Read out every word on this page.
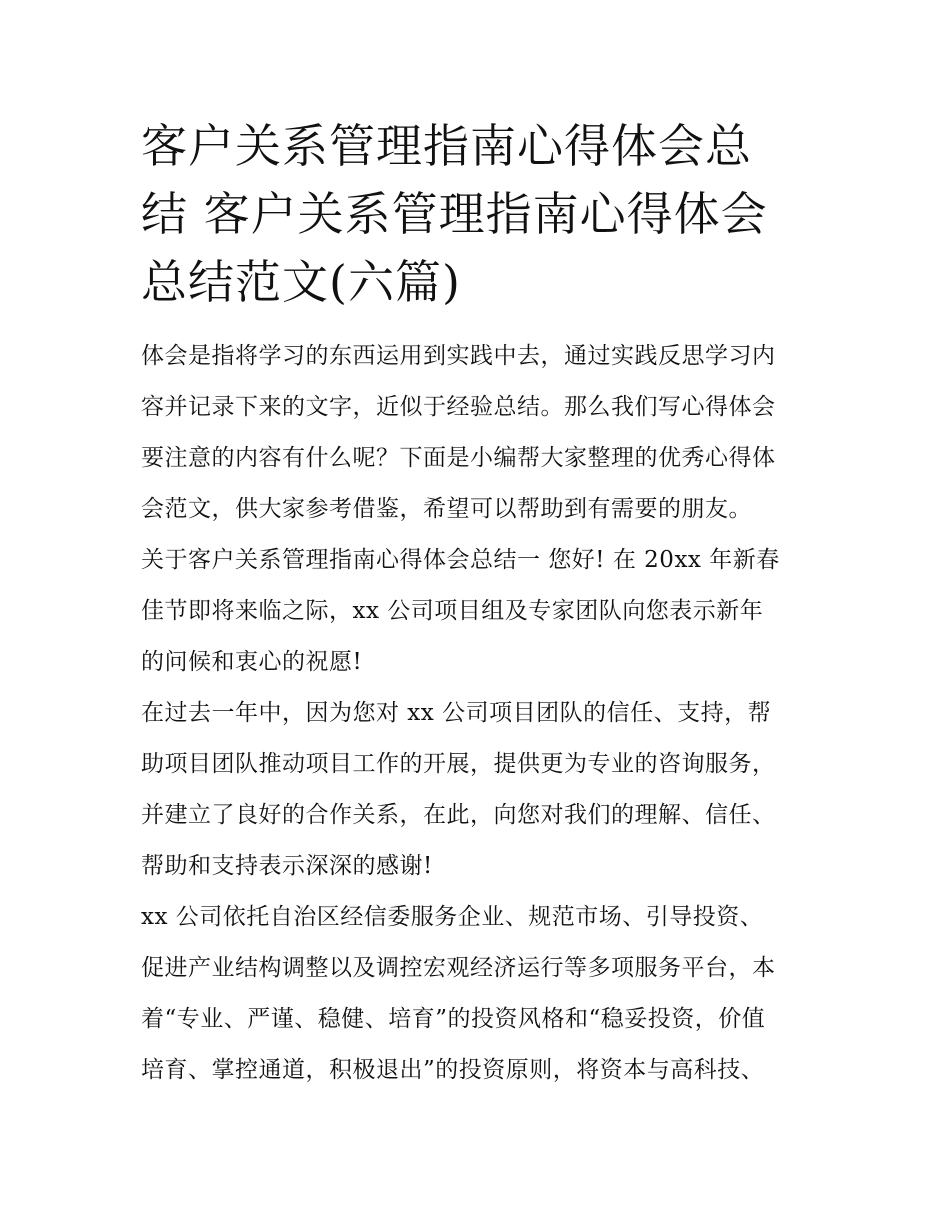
客户关系管理指南心得体会总
结 客户关系管理指南心得体会
总结范文(六篇)
体会是指将学习的东西运用到实践中去，通过实践反思学习内
容并记录下来的文字，近似于经验总结。那么我们写心得体会
要注意的内容有什么呢？下面是小编帮大家整理的优秀心得体
会范文，供大家参考借鉴，希望可以帮助到有需要的朋友。
关于客户关系管理指南心得体会总结一 您好! 在 20xx 年新春
佳节即将来临之际，xx 公司项目组及专家团队向您表示新年
的问候和衷心的祝愿!
在过去一年中，因为您对 xx 公司项目团队的信任、支持，帮
助项目团队推动项目工作的开展，提供更为专业的咨询服务，
并建立了良好的合作关系，在此，向您对我们的理解、信任、
帮助和支持表示深深的感谢!
xx 公司依托自治区经信委服务企业、规范市场、引导投资、
促进产业结构调整以及调控宏观经济运行等多项服务平台，本
着“专业、严谨、稳健、培育”的投资风格和“稳妥投资，价值
培育、掌控通道，积极退出”的投资原则，将资本与高科技、
